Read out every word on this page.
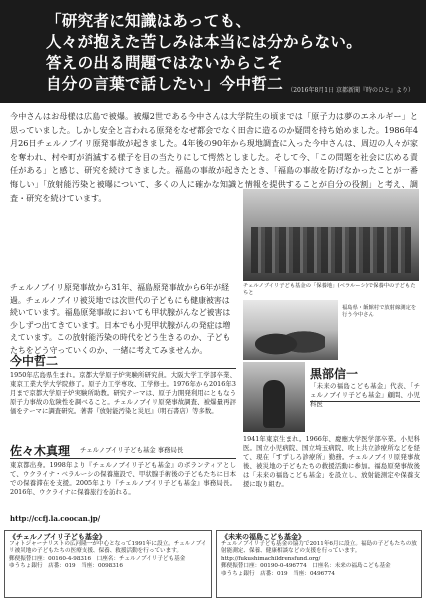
「研究者に知識はあっても、
人々が抱えた苦しみは本当には分からない。
答えの出る問題ではないからこそ
自分の言葉で話したい」今中哲二 （2016年8月1日 京都新聞『時のひと』より）
今中さんはお母様は広島で被爆。被爆2世である今中さんは大学院生の頃までは「原子力は夢のエネルギー」と思っていました。しかし安全と言われる原発をなぜ都会でなく田舎に造るのか疑問を持ち始めました。1986年4月26日チェルノブイリ原発事故が起きました。4年後の90年から現地調査に入った今中さんは、周辺の人々が家を奪われ、村や町が消滅する様子を目の当たりにして愕然としました。そして今、「この問題を社会に広める責任がある」と感じ、研究を続けてきました。福島の事故が起きたとき、「福島の事故を防げなかったことが一番悔しい」「放射能汚染と被曝について、多くの人に確かな知識と情報を提供することが自分の役割」と考え、調査・研究を続けています。
チェルノブイリ原発事故から31年、福島原発事故から6年が経過。チェルノブイリ被災地では次世代の子どもにも健康被害は続いています。福島原発事故においても甲状腺がんなど被害は少しずつ出てきています。日本でも小児甲状腺がんの発症は増えています。この放射能汚染の時代をどう生きるのか、子どもたちをどう守っていくのか、一緒に考えてみませんか。
チェルノブイリ子ども基金の「保養地」(ベラルーシ)で保養中の子どもたちと
福島県・飯館村で放射線測定を行う今中さん
今中哲二
1950年広島県生まれ。京都大学原子炉実験所研究員。大阪大学工学部卒業、東京工業大学大学院修了。原子力工学専攻、工学修士。1976年から2016年3月まで京都大学原子炉実験所助教。研究テーマは、原子力開発利用にともなう原子力事故の危険性を調べること。チェルノブイリ原発事故調査、被爆量再評価をテーマに調査研究。著書『放射能汚染と災厄』（明石書店）等多数。
佐々木真理 チェルノブイリ子ども基金 事務局長
東京都出身。1998年より『チェルノブイリ子ども基金』のボランティアとして、ウクライナ・ベラルーシの保養施設で、甲状腺手術後の子どもたちに日本での保養滞在を支援。2005年より『チェルノブイリ子ども基金』事務局長。2016年、ウクライナに保養旅行を訪れる。
黒部信一
「未来の福島こども基金」代表、「チェルノブイリ子ども基金」顧問、小児科医
1941年東京生まれ。1966年、慶應大学医学部卒業。小児科医。国立小児病院、国立埼玉病院、吹上共立診療所などを経て、現在「すずしろ診療所」勤務。チェルノブイリ原発事故後、被災地の子どもたちの救援活動に参加。福島原発事故後は「未来の福島こども基金」を設立し、放射能測定や保養支援に取り組む。
http://ccfj.la.coocan.jp/
《チェルノブイリ子ども基金》
フォトジャーナリストの広河隆一が中心となって1991年に設立。チェルノブイリ被災地の子どもたちの医療支援、保養、救援活動を行っています。
郵便振替口座：00160-4-98316　口座名：チェルノブイリ子ども基金
ゆうちょ銀行　店番：019　当座：0098316
《未来の福島こども基金》
チェルノブイリ子ども基金の協力で2011年6月に設立。福島の子どもたちの放射能測定、保養、健康相談などの支援を行っています。
http://fukushimachildrensfund.org/
郵便振替口座：00190-0-496774　口座名：未来の福島こども基金
ゆうちょ銀行　店番：019　当座：0496774
